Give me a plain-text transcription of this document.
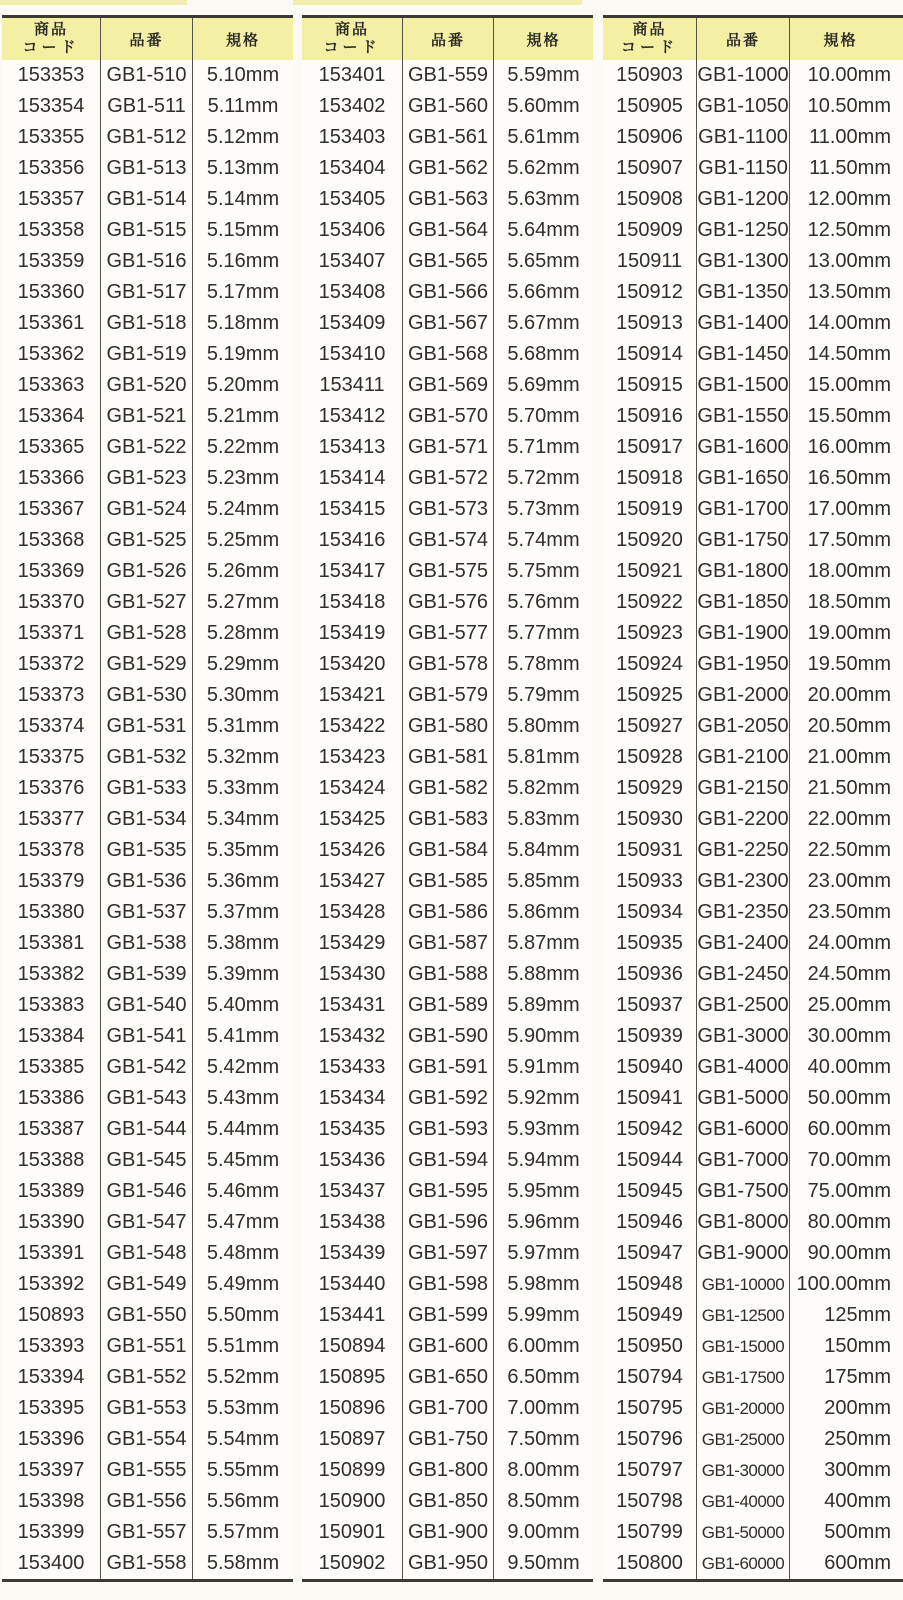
商品
コード	品番	規格
153353	GB1-510	5.10mm
153354	GB1-511	5.11mm
153355	GB1-512	5.12mm
153356	GB1-513	5.13mm
153357	GB1-514	5.14mm
153358	GB1-515	5.15mm
153359	GB1-516	5.16mm
153360	GB1-517	5.17mm
153361	GB1-518	5.18mm
153362	GB1-519	5.19mm
153363	GB1-520	5.20mm
153364	GB1-521	5.21mm
153365	GB1-522	5.22mm
153366	GB1-523	5.23mm
153367	GB1-524	5.24mm
153368	GB1-525	5.25mm
153369	GB1-526	5.26mm
153370	GB1-527	5.27mm
153371	GB1-528	5.28mm
153372	GB1-529	5.29mm
153373	GB1-530	5.30mm
153374	GB1-531	5.31mm
153375	GB1-532	5.32mm
153376	GB1-533	5.33mm
153377	GB1-534	5.34mm
153378	GB1-535	5.35mm
153379	GB1-536	5.36mm
153380	GB1-537	5.37mm
153381	GB1-538	5.38mm
153382	GB1-539	5.39mm
153383	GB1-540	5.40mm
153384	GB1-541	5.41mm
153385	GB1-542	5.42mm
153386	GB1-543	5.43mm
153387	GB1-544	5.44mm
153388	GB1-545	5.45mm
153389	GB1-546	5.46mm
153390	GB1-547	5.47mm
153391	GB1-548	5.48mm
153392	GB1-549	5.49mm
150893	GB1-550	5.50mm
153393	GB1-551	5.51mm
153394	GB1-552	5.52mm
153395	GB1-553	5.53mm
153396	GB1-554	5.54mm
153397	GB1-555	5.55mm
153398	GB1-556	5.56mm
153399	GB1-557	5.57mm
153400	GB1-558	5.58mm
商品
コード	品番	規格
153401	GB1-559 5.59mm
153402	GB1-560 5.60mm
153403	GB1-561 5.61mm
153404	GB1-562 5.62mm
153405	GB1-563 5.63mm
153406	GB1-564 5.64mm
153407	GB1-565 5.65mm
153408	GB1-566 5.66mm
153409	GB1-567 5.67mm
153410	GB1-568 5.68mm
153411	GB1-569 5.69mm
153412	GB1-570 5.70mm
153413	GB1-571 5.71mm
153414	GB1-572 5.72mm
153415	GB1-573 5.73mm
153416	GB1-574 5.74mm
153417	GB1-575 5.75mm
153418	GB1-576 5.76mm
153419	GB1-577 5.77mm
153420	GB1-578 5.78mm
153421	GB1-579 5.79mm
153422	GB1-580 5.80mm
153423	GB1-581 5.81mm
153424	GB1-582 5.82mm
153425	GB1-583 5.83mm
153426	GB1-584 5.84mm
153427	GB1-585 5.85mm
153428	GB1-586 5.86mm
153429	GB1-587 5.87mm
153430	GB1-588 5.88mm
153431	GB1-589 5.89mm
153432	GB1-590 5.90mm
153433	GB1-591 5.91mm
153434	GB1-592 5.92mm
153435	GB1-593 5.93mm
153436	GB1-594 5.94mm
153437	GB1-595 5.95mm
153438	GB1-596 5.96mm
153439	GB1-597 5.97mm
153440	GB1-598 5.98mm
153441	GB1-599 5.99mm
150894	GB1-600 6.00mm
150895	GB1-650 6.50mm
150896	GB1-700 7.00mm
150897	GB1-750 7.50mm
150899	GB1-800 8.00mm
150900	GB1-850 8.50mm
150901	GB1-900 9.00mm
150902	GB1-950 9.50mm
商品
コード	品番	規格
150903 GB1-1000 10.00mm
150905 GB1-1050 10.50mm
150906 GB1-1100	11.00mm
150907 GB1-1150	11.50mm
150908 GB1-1200 12.00mm
150909 GB1-1250 12.50mm
150911 GB1-1300 13.00mm
150912 GB1-1350 13.50mm
150913 GB1-1400 14.00mm
150914 GB1-1450 14.50mm
150915 GB1-1500 15.00mm
150916 GB1-1550 15.50mm
150917 GB1-1600 16.00mm
150918 GB1-1650 16.50mm
150919 GB1-1700 17.00mm
150920 GB1-1750 17.50mm
150921 GB1-1800 18.00mm
150922 GB1-1850 18.50mm
150923 GB1-1900 19.00mm
150924 GB1-1950 19.50mm
150925 GB1-2000 20.00mm
150927 GB1-2050 20.50mm
150928 GB1-2100 21.00mm
150929 GB1-2150 21.50mm
150930 GB1-2200 22.00mm
150931 GB1-2250 22.50mm
150933 GB1-2300 23.00mm
150934 GB1-2350 23.50mm
150935 GB1-2400 24.00mm
150936 GB1-2450 24.50mm
150937 GB1-2500 25.00mm
150939 GB1-3000 30.00mm
150940 GB1-4000 40.00mm
150941 GB1-5000 50.00mm
150942 GB1-6000 60.00mm
150944 GB1-7000 70.00mm
150945 GB1-7500 75.00mm
150946 GB1-8000 80.00mm
150947 GB1-9000 90.00mm
150948	GB1-10000 100.00mm
150949	GB1-12500	125mm
150950	GB1-15000	150mm
150794	GB1-17500	175mm
150795	GB1-20000	200mm
150796	GB1-25000	250mm
150797	GB1-30000	300mm
150798	GB1-40000	400mm
150799	GB1-50000	500mm
150800	GB1-60000	600mm
